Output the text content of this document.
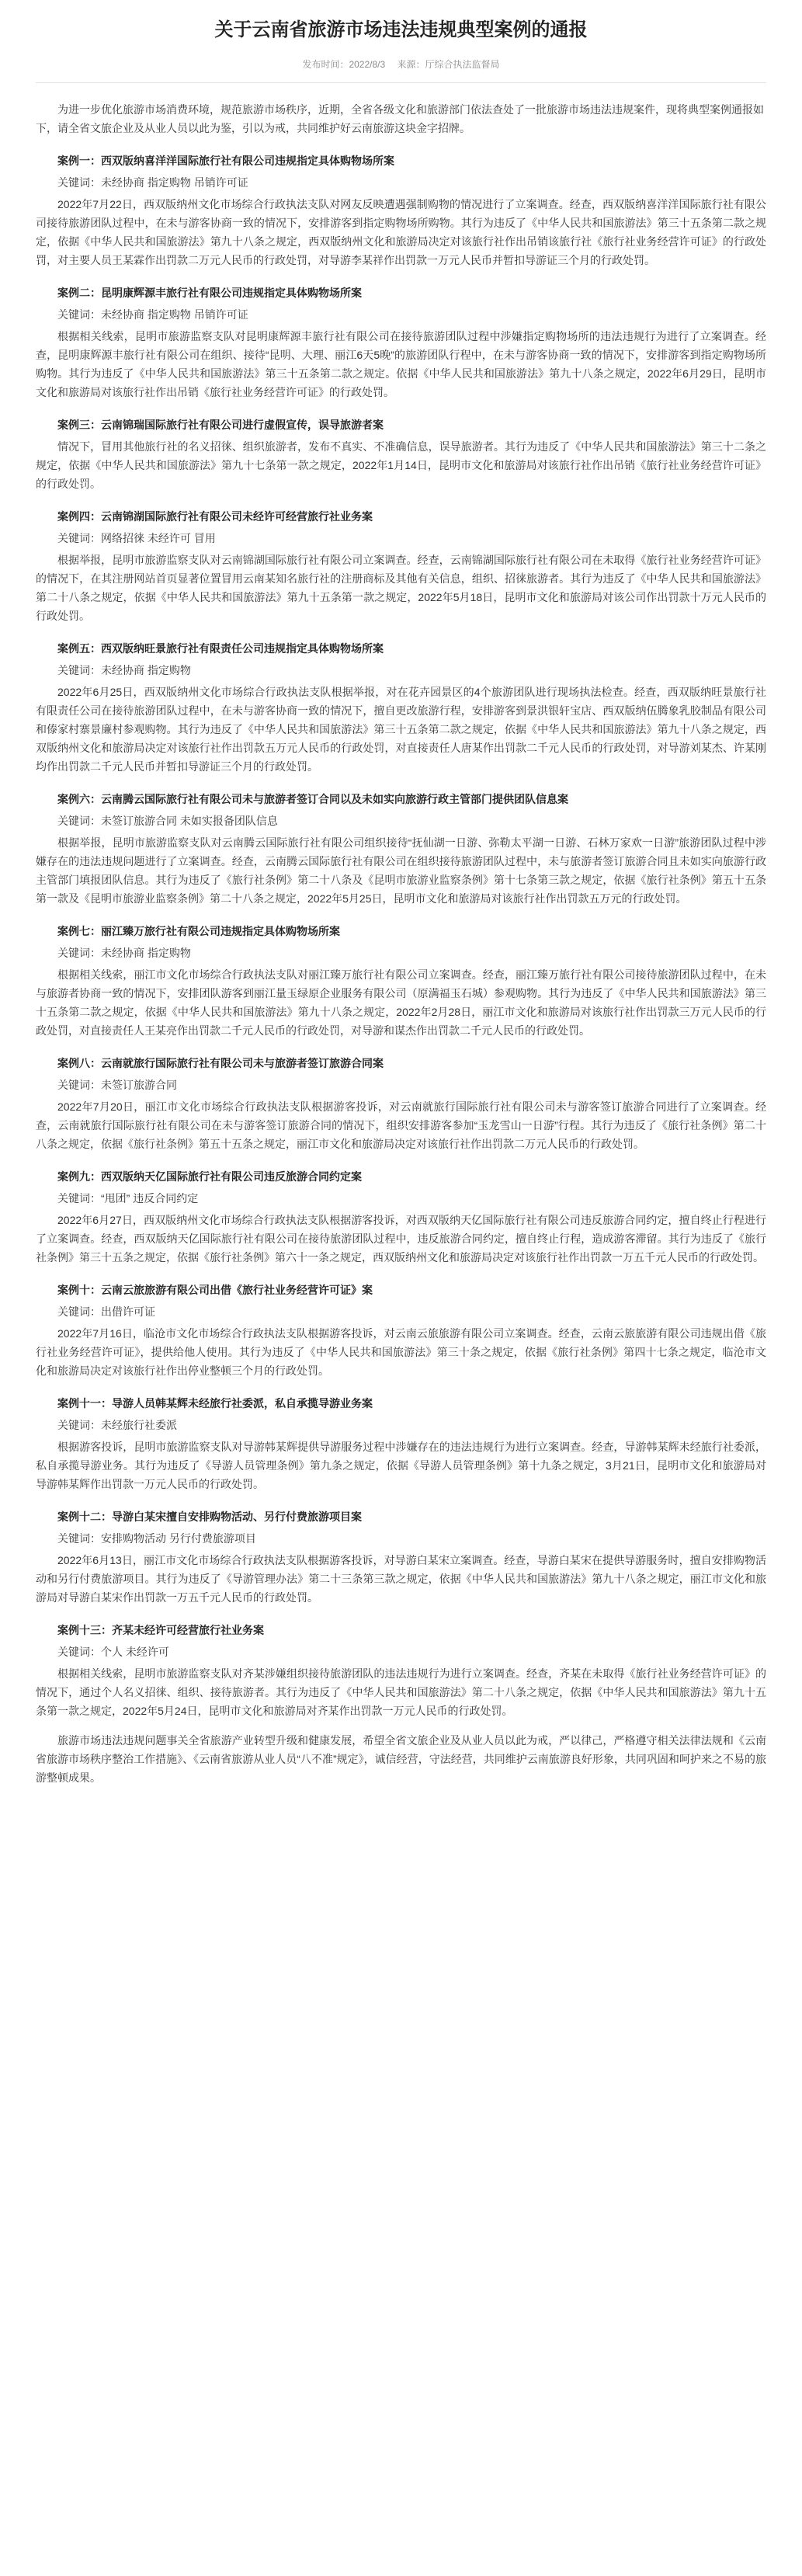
关于云南省旅游市场违法违规典型案例的通报
发布时间：2022/8/3 来源：厅综合执法监督局

为进一步优化旅游市场消费环境，规范旅游市场秩序，近期，全省各级文化和旅游部门依法查处了一批旅游市场违法违规案件，现将典型案例通报如下，请全省文旅企业及从业人员以此为鉴，引以为戒，共同维护好云南旅游这块金字招牌。

案例一：西双版纳喜洋洋国际旅行社有限公司违规指定具体购物场所案

关键词：未经协商 指定购物 吊销许可证

2022年7月22日，西双版纳州文化市场综合行政执法支队对网友反映遭遇强制购物的情况进行了立案调查。经查，西双版纳喜洋洋国际旅行社有限公司接待旅游团队过程中，在未与游客协商一致的情况下，安排游客到指定购物场所购物。其行为违反了《中华人民共和国旅游法》第三十五条第二款之规定，依据《中华人民共和国旅游法》第九十八条之规定，西双版纳州文化和旅游局决定对该旅行社作出吊销该旅行社《旅行社业务经营许可证》的行政处罚，对主要人员王某霖作出罚款二万元人民币的行政处罚，对导游李某祥作出罚款一万元人民币并暂扣导游证三个月的行政处罚。

案例二：昆明康辉源丰旅行社有限公司违规指定具体购物场所案

关键词：未经协商 指定购物 吊销许可证

根据相关线索，昆明市旅游监察支队对昆明康辉源丰旅行社有限公司在接待旅游团队过程中涉嫌指定购物场所的违法违规行为进行了立案调查。经查，昆明康辉源丰旅行社有限公司在组织、接待“昆明、大理、丽江6天5晚”的旅游团队行程中，在未与游客协商一致的情况下，安排游客到指定购物场所购物。其行为违反了《中华人民共和国旅游法》第三十五条第二款之规定。依据《中华人民共和国旅游法》第九十八条之规定，2022年6月29日，昆明市文化和旅游局对该旅行社作出吊销《旅行社业务经营许可证》的行政处罚。

案例三：云南锦瑞国际旅行社有限公司进行虚假宣传，误导旅游者案

情况下，冒用其他旅行社的名义招徕、组织旅游者，发布不真实、不准确信息，误导旅游者。其行为违反了《中华人民共和国旅游法》第三十二条之规定，依据《中华人民共和国旅游法》第九十七条第一款之规定，2022年1月14日，昆明市文化和旅游局对该旅行社作出吊销《旅行社业务经营许可证》的行政处罚。

案例四：云南锦湖国际旅行社有限公司未经许可经营旅行社业务案

关键词：网络招徕 未经许可 冒用

根据举报，昆明市旅游监察支队对云南锦湖国际旅行社有限公司立案调查。经查，云南锦湖国际旅行社有限公司在未取得《旅行社业务经营许可证》的情况下，在其注册网站首页显著位置冒用云南某知名旅行社的注册商标及其他有关信息，组织、招徕旅游者。其行为违反了《中华人民共和国旅游法》第二十八条之规定，依据《中华人民共和国旅游法》第九十五条第一款之规定，2022年5月18日，昆明市文化和旅游局对该公司作出罚款十万元人民币的行政处罚。

案例五：西双版纳旺景旅行社有限责任公司违规指定具体购物场所案

关键词：未经协商 指定购物

2022年6月25日，西双版纳州文化市场综合行政执法支队根据举报，对在花卉园景区的4个旅游团队进行现场执法检查。经查，西双版纳旺景旅行社有限责任公司在接待旅游团队过程中，在未与游客协商一致的情况下，擅自更改旅游行程，安排游客到景洪银轩宝店、西双版纳伍腾象乳胶制品有限公司和傣家村寨景廉村参观购物。其行为违反了《中华人民共和国旅游法》第三十五条第二款之规定，依据《中华人民共和国旅游法》第九十八条之规定，西双版纳州文化和旅游局决定对该旅行社作出罚款五万元人民币的行政处罚，对直接责任人唐某作出罚款二千元人民币的行政处罚，对导游刘某杰、许某刚均作出罚款二千元人民币并暂扣导游证三个月的行政处罚。

案例六：云南腾云国际旅行社有限公司未与旅游者签订合同以及未如实向旅游行政主管部门提供团队信息案

关键词：未签订旅游合同 未如实报备团队信息

根据举报，昆明市旅游监察支队对云南腾云国际旅行社有限公司组织接待“抚仙湖一日游、弥勒太平湖一日游、石林万家欢一日游”旅游团队过程中涉嫌存在的违法违规问题进行了立案调查。经查，云南腾云国际旅行社有限公司在组织接待旅游团队过程中，未与旅游者签订旅游合同且未如实向旅游行政主管部门填报团队信息。其行为违反了《旅行社条例》第二十八条及《昆明市旅游业监察条例》第十七条第三款之规定，依据《旅行社条例》第五十五条第一款及《昆明市旅游业监察条例》第二十八条之规定，2022年5月25日，昆明市文化和旅游局对该旅行社作出罚款五万元的行政处罚。

案例七：丽江臻万旅行社有限公司违规指定具体购物场所案

关键词：未经协商 指定购物

根据相关线索，丽江市文化市场综合行政执法支队对丽江臻万旅行社有限公司立案调查。经查，丽江臻万旅行社有限公司接待旅游团队过程中，在未与旅游者协商一致的情况下，安排团队游客到丽江量玉绿原企业服务有限公司（原满福玉石城）参观购物。其行为违反了《中华人民共和国旅游法》第三十五条第二款之规定，依据《中华人民共和国旅游法》第九十八条之规定，2022年2月28日，丽江市文化和旅游局对该旅行社作出罚款三万元人民币的行政处罚，对直接责任人王某亮作出罚款二千元人民币的行政处罚，对导游和谋杰作出罚款二千元人民币的行政处罚。

案例八：云南就旅行国际旅行社有限公司未与旅游者签订旅游合同案

关键词：未签订旅游合同

2022年7月20日，丽江市文化市场综合行政执法支队根据游客投诉，对云南就旅行国际旅行社有限公司未与游客签订旅游合同进行了立案调查。经查，云南就旅行国际旅行社有限公司在未与游客签订旅游合同的情况下，组织安排游客参加“玉龙雪山一日游”行程。其行为违反了《旅行社条例》第二十八条之规定，依据《旅行社条例》第五十五条之规定，丽江市文化和旅游局决定对该旅行社作出罚款二万元人民币的行政处罚。

案例九：西双版纳天亿国际旅行社有限公司违反旅游合同约定案

关键词：“甩团” 违反合同约定

2022年6月27日，西双版纳州文化市场综合行政执法支队根据游客投诉，对西双版纳天亿国际旅行社有限公司违反旅游合同约定，擅自终止行程进行了立案调查。经查，西双版纳天亿国际旅行社有限公司在接待旅游团队过程中，违反旅游合同约定，擅自终止行程，造成游客滞留。其行为违反了《旅行社条例》第三十五条之规定，依据《旅行社条例》第六十一条之规定，西双版纳州文化和旅游局决定对该旅行社作出罚款一万五千元人民币的行政处罚。

案例十：云南云旅旅游有限公司出借《旅行社业务经营许可证》案

关键词：出借许可证

2022年7月16日，临沧市文化市场综合行政执法支队根据游客投诉，对云南云旅旅游有限公司立案调查。经查，云南云旅旅游有限公司违规出借《旅行社业务经营许可证》，提供给他人使用。其行为违反了《中华人民共和国旅游法》第三十条之规定，依据《旅行社条例》第四十七条之规定，临沧市文化和旅游局决定对该旅行社作出停业整顿三个月的行政处罚。

案例十一：导游人员韩某辉未经旅行社委派，私自承揽导游业务案

关键词：未经旅行社委派

根据游客投诉，昆明市旅游监察支队对导游韩某辉提供导游服务过程中涉嫌存在的违法违规行为进行立案调查。经查，导游韩某辉未经旅行社委派，私自承揽导游业务。其行为违反了《导游人员管理条例》第九条之规定，依据《导游人员管理条例》第十九条之规定，3月21日，昆明市文化和旅游局对导游韩某辉作出罚款一万元人民币的行政处罚。

案例十二：导游白某宋擅自安排购物活动、另行付费旅游项目案

关键词：安排购物活动 另行付费旅游项目

2022年6月13日，丽江市文化市场综合行政执法支队根据游客投诉，对导游白某宋立案调查。经查，导游白某宋在提供导游服务时，擅自安排购物活动和另行付费旅游项目。其行为违反了《导游管理办法》第二十三条第三款之规定，依据《中华人民共和国旅游法》第九十八条之规定，丽江市文化和旅游局对导游白某宋作出罚款一万五千元人民币的行政处罚。

案例十三：齐某未经许可经营旅行社业务案

关键词：个人 未经许可

根据相关线索，昆明市旅游监察支队对齐某涉嫌组织接待旅游团队的违法违规行为进行立案调查。经查，齐某在未取得《旅行社业务经营许可证》的情况下，通过个人名义招徕、组织、接待旅游者。其行为违反了《中华人民共和国旅游法》第二十八条之规定，依据《中华人民共和国旅游法》第九十五条第一款之规定，2022年5月24日，昆明市文化和旅游局对齐某作出罚款一万元人民币的行政处罚。

旅游市场违法违规问题事关全省旅游产业转型升级和健康发展，希望全省文旅企业及从业人员以此为戒，严以律己，严格遵守相关法律法规和《云南省旅游市场秩序整治工作措施》、《云南省旅游从业人员“八不准”规定》，诚信经营，守法经营，共同维护云南旅游良好形象，共同巩固和呵护来之不易的旅游整顿成果。
